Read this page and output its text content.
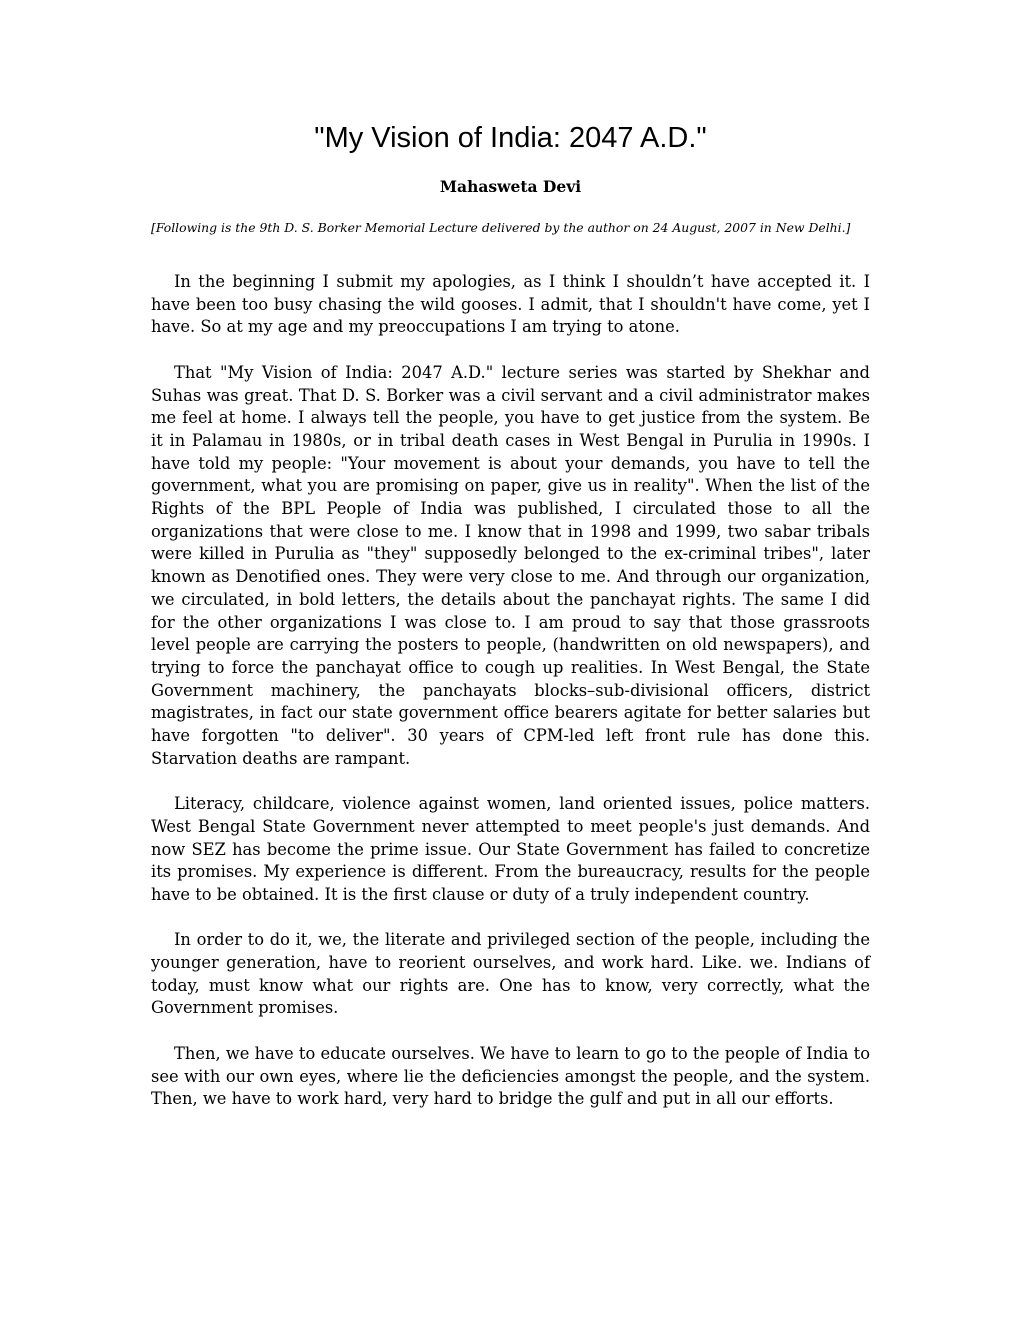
"My Vision of India: 2047 A.D."

Mahasweta Devi

[Following is the 9th D. S. Borker Memorial Lecture delivered by the author on 24 August, 2007 in New Delhi.]

In the beginning I submit my apologies, as I think I shouldn’t have accepted it. I have been too busy chasing the wild gooses. I admit, that I shouldn't have come, yet I have. So at my age and my preoccupations I am trying to atone.

That "My Vision of India: 2047 A.D." lecture series was started by Shekhar and Suhas was great. That D. S. Borker was a civil servant and a civil administrator makes me feel at home. I always tell the people, you have to get justice from the system. Be it in Palamau in 1980s, or in tribal death cases in West Bengal in Purulia in 1990s. I have told my people: "Your movement is about your demands, you have to tell the government, what you are promising on paper, give us in reality". When the list of the Rights of the BPL People of India was published, I circulated those to all the organizations that were close to me. I know that in 1998 and 1999, two sabar tribals were killed in Purulia as "they" supposedly belonged to the ex-criminal tribes", later known as Denotified ones. They were very close to me. And through our organization, we circulated, in bold letters, the details about the panchayat rights. The same I did for the other organizations I was close to. I am proud to say that those grassroots level people are carrying the posters to people, (handwritten on old newspapers), and trying to force the panchayat office to cough up realities. In West Bengal, the State Government machinery, the panchayats blocks–sub-divisional officers, district magistrates, in fact our state government office bearers agitate for better salaries but have forgotten "to deliver". 30 years of CPM-led left front rule has done this. Starvation deaths are rampant.

Literacy, childcare, violence against women, land oriented issues, police matters. West Bengal State Government never attempted to meet people's just demands. And now SEZ has become the prime issue. Our State Government has failed to concretize its promises. My experience is different. From the bureaucracy, results for the people have to be obtained. It is the first clause or duty of a truly independent country.

In order to do it, we, the literate and privileged section of the people, including the younger generation, have to reorient ourselves, and work hard. Like. we. Indians of today, must know what our rights are. One has to know, very correctly, what the Government promises.

Then, we have to educate ourselves. We have to learn to go to the people of India to see with our own eyes, where lie the deficiencies amongst the people, and the system. Then, we have to work hard, very hard to bridge the gulf and put in all our efforts.
